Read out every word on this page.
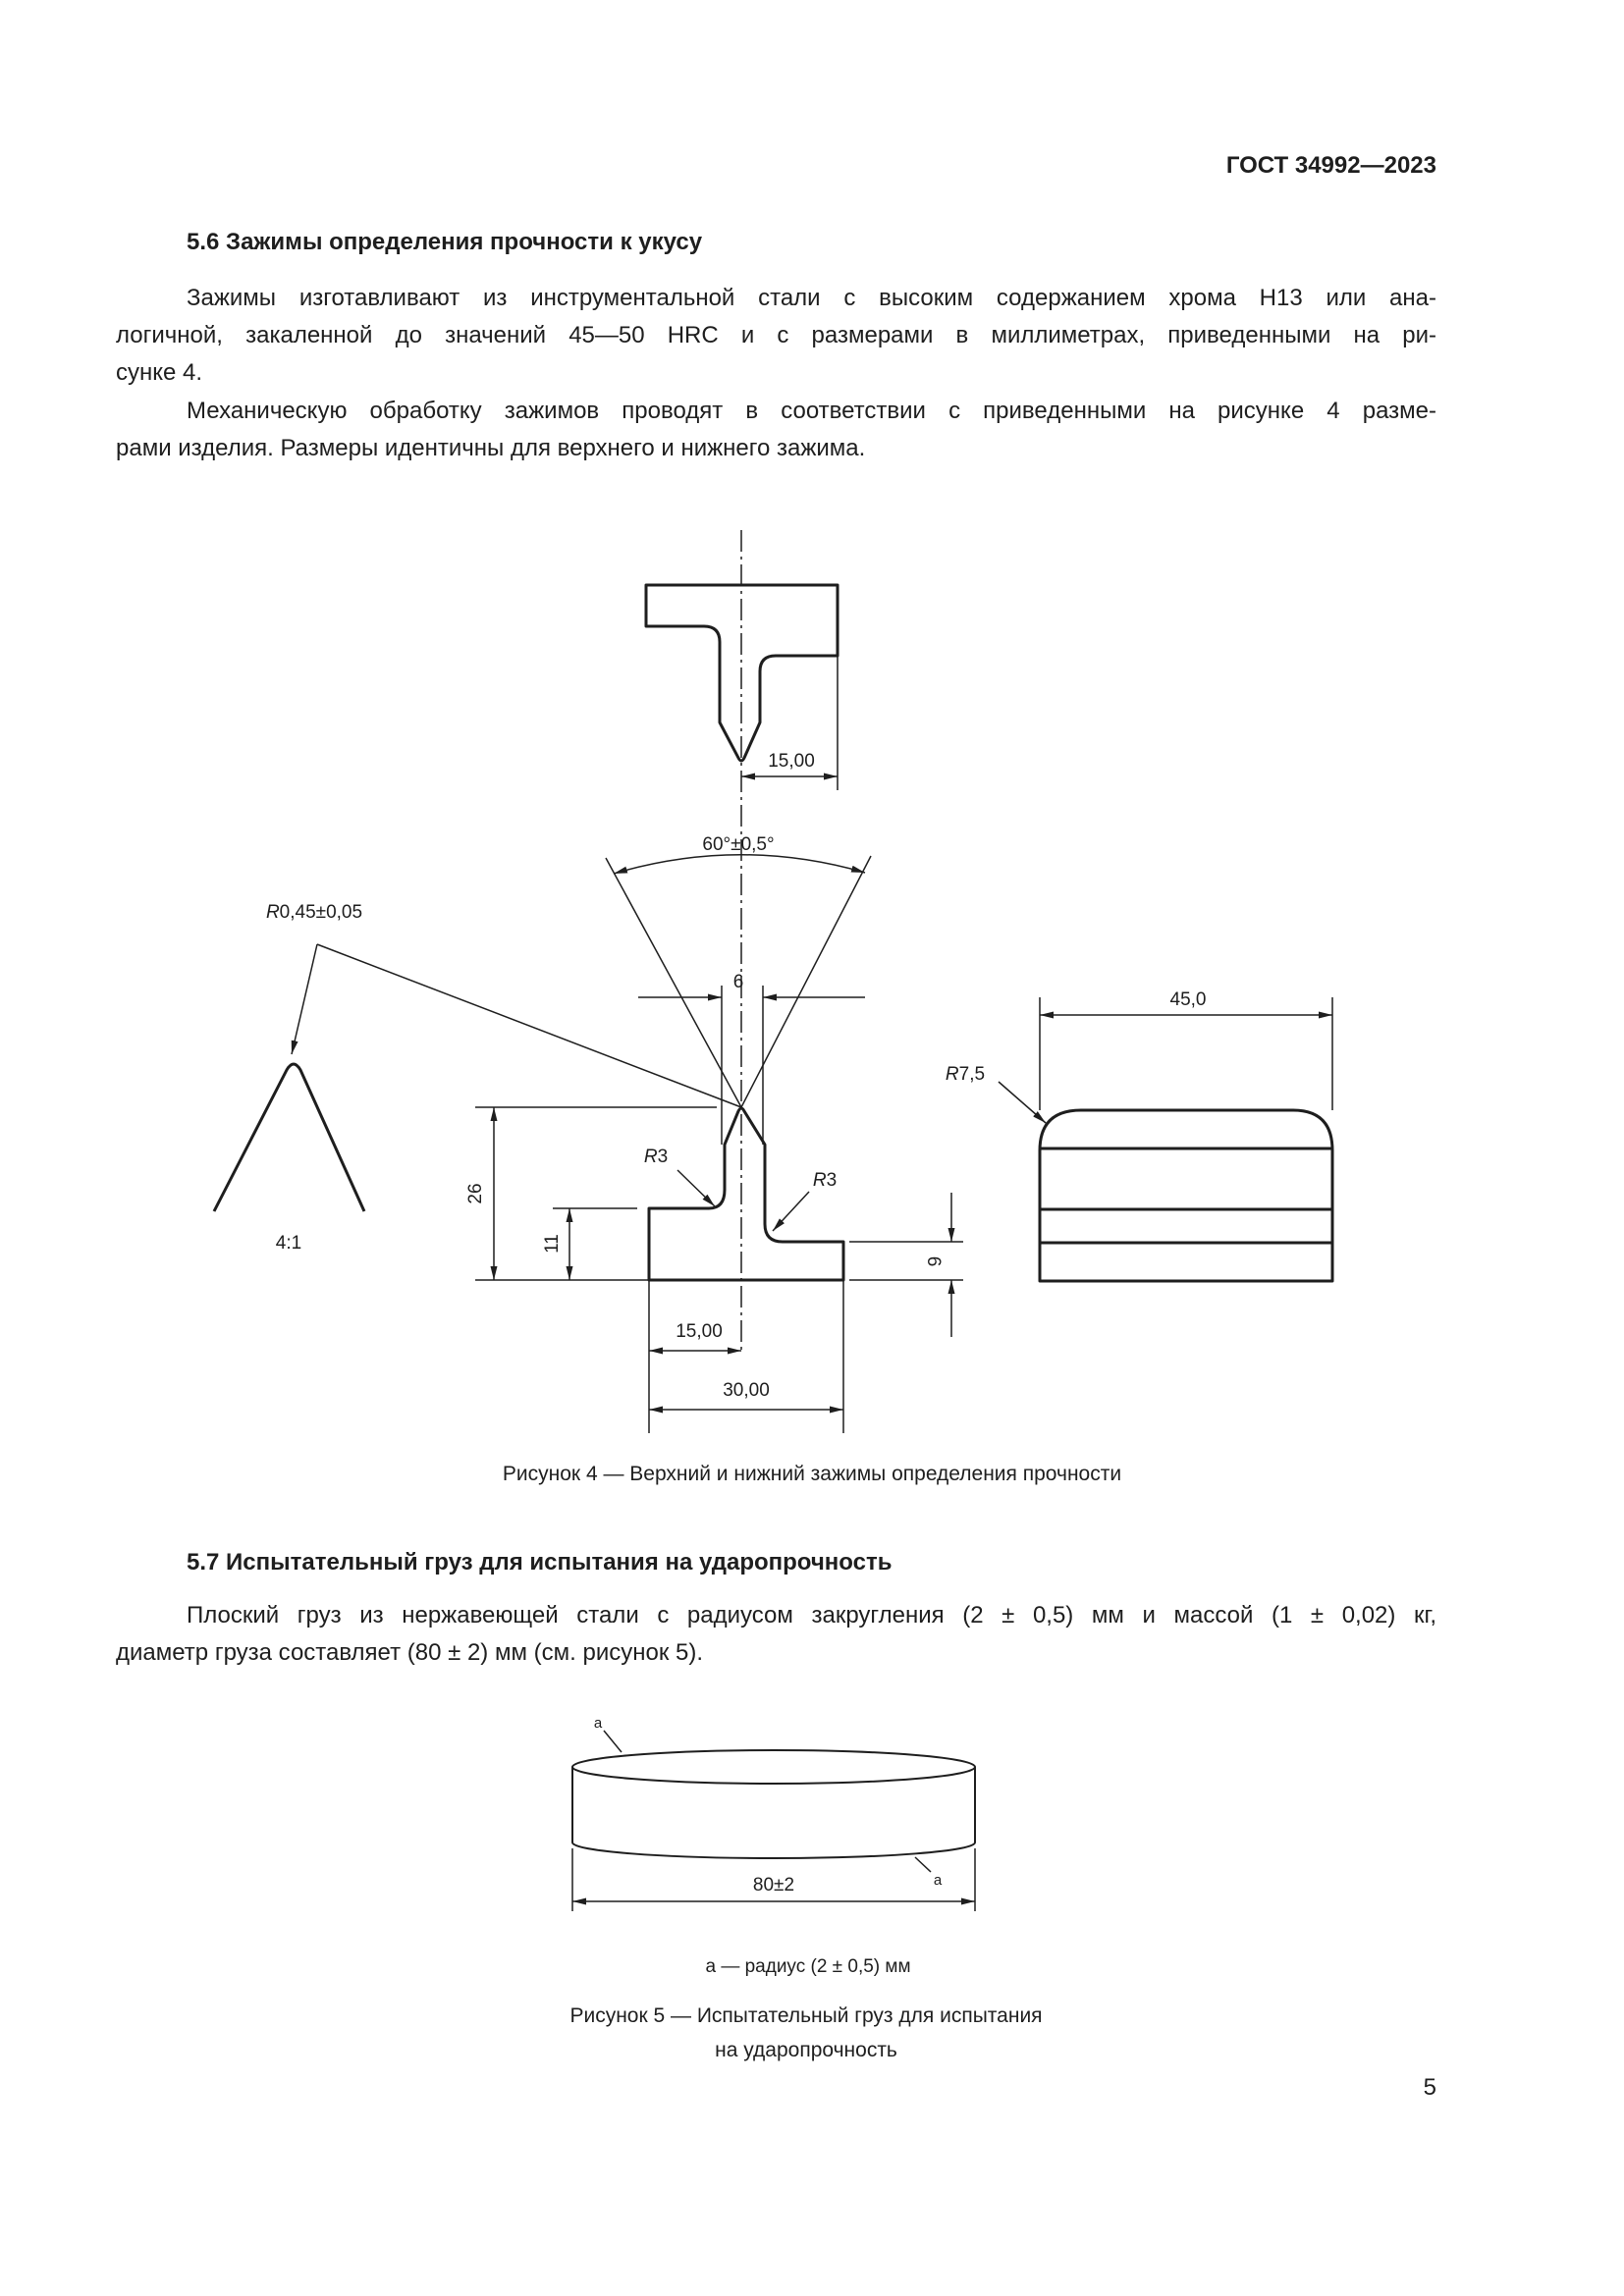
ГОСТ 34992—2023
5.6 Зажимы определения прочности к укусу
Зажимы изготавливают из инструментальной стали с высоким содержанием хрома Н13 или ана-
логичной, закаленной до значений 45—50 HRC и с размерами в миллиметрах, приведенными на ри-
сунке 4.
Механическую обработку зажимов проводят в соответствии с приведенными на рисунке 4 разме-
рами изделия. Размеры идентичны для верхнего и нижнего зажима.
15,00
60°±0,5°
6
R0,45±0,05
4:1
26
11
R3
R3
6
15,00
30,00
45,0
R7,5
80±2
a
a
Рисунок 4 — Верхний и нижний зажимы определения прочности
5.7 Испытательный груз для испытания на ударопрочность
Плоский груз из нержавеющей стали с радиусом закругления (2 ± 0,5) мм и массой (1 ± 0,02) кг,
диаметр груза составляет (80 ± 2) мм (см. рисунок 5).
а — радиус (2 ± 0,5) мм
Рисунок 5 — Испытательный груз для испытания
на ударопрочность
5
